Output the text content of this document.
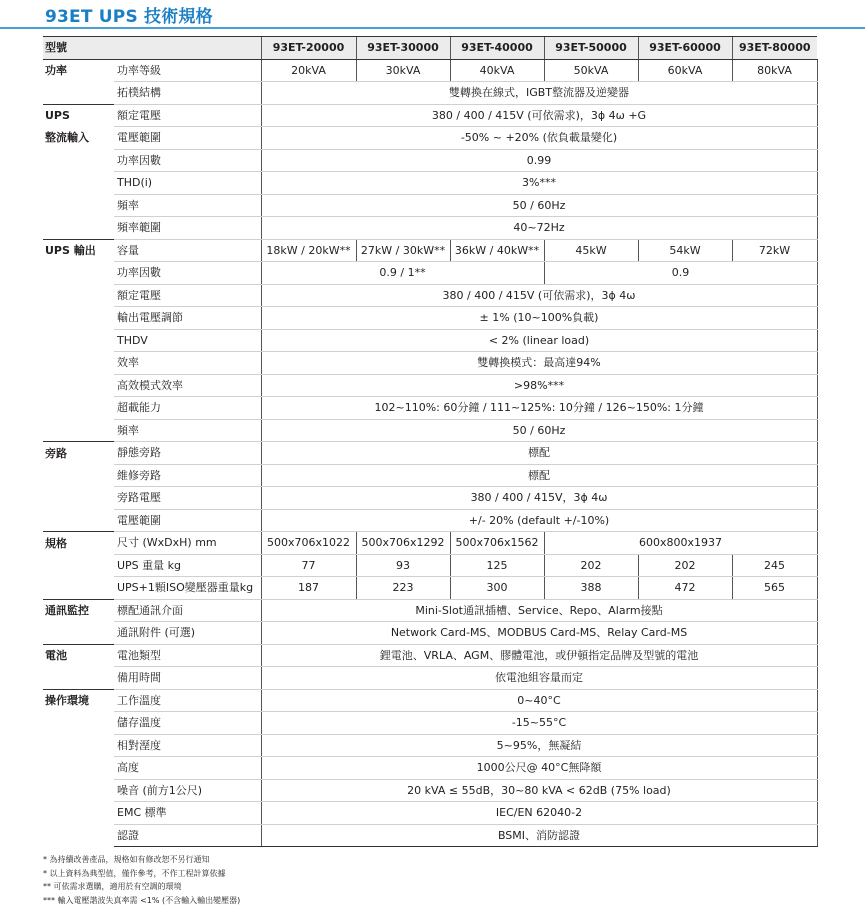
93ET UPS 技術規格
型號		93ET-20000	93ET-30000	93ET-40000	93ET-50000	93ET-60000	93ET-80000
功率	功率等級	20kVA	30kVA	40kVA	50kVA	60kVA	80kVA
	拓樸結構	雙轉換在線式，IGBT整流器及逆變器					
UPS	額定電壓	380 / 400 / 415V (可依需求)，3ϕ 4ω +G					
整流輸入	電壓範圍	-50% ~ +20% (依負載量變化)					
	功率因數	0.99					
	THD(i)	3%***					
	頻率	50 / 60Hz					
	頻率範圍	40~72Hz					
UPS 輸出	容量	18kW / 20kW**	27kW / 30kW**	36kW / 40kW**	45kW	54kW	72kW
	功率因數	0.9 / 1**			0.9		
	額定電壓	380 / 400 / 415V (可依需求)，3ϕ 4ω					
	輸出電壓調節	± 1% (10~100%負載)					
	THDV	< 2% (linear load)					
	效率	雙轉換模式：最高達94%					
	高效模式效率	>98%***					
	超載能力	102~110%: 60分鐘 / 111~125%: 10分鐘 / 126~150%: 1分鐘					
	頻率	50 / 60Hz					
旁路	靜態旁路	標配					
	維修旁路	標配					
	旁路電壓	380 / 400 / 415V，3ϕ 4ω					
	電壓範圍	+/- 20% (default +/-10%)					
規格	尺寸 (WxDxH) mm	500x706x1022	500x706x1292	500x706x1562	600x800x1937		
	UPS 重量 kg	77	93	125	202	202	245
	UPS+1顆ISO變壓器重量kg	187	223	300	388	472	565
通訊監控	標配通訊介面	Mini-Slot通訊插槽、Service、Repo、Alarm接點					
	通訊附件 (可選)	Network Card-MS、MODBUS Card-MS、Relay Card-MS					
電池	電池類型	鋰電池、VRLA、AGM、膠體電池，或伊頓指定品牌及型號的電池					
	備用時間	依電池組容量而定					
操作環境	工作溫度	0~40°C					
	儲存溫度	-15~55°C					
	相對溼度	5~95%，無凝結					
	高度	1000公尺@ 40°C無降額					
	噪音 (前方1公尺)	20 kVA ≤ 55dB，30~80 kVA < 62dB (75% load)					
	EMC 標準	IEC/EN 62040-2					
	認證	BSMI、消防認證					
* 為持續改善產品，規格如有修改恕不另行通知
* 以上資料為典型值，僅作參考，不作工程計算依據
** 可依需求選購，適用於有空調的環境
*** 輸入電壓諧波失真率需 <1% (不含輸入輸出變壓器)
